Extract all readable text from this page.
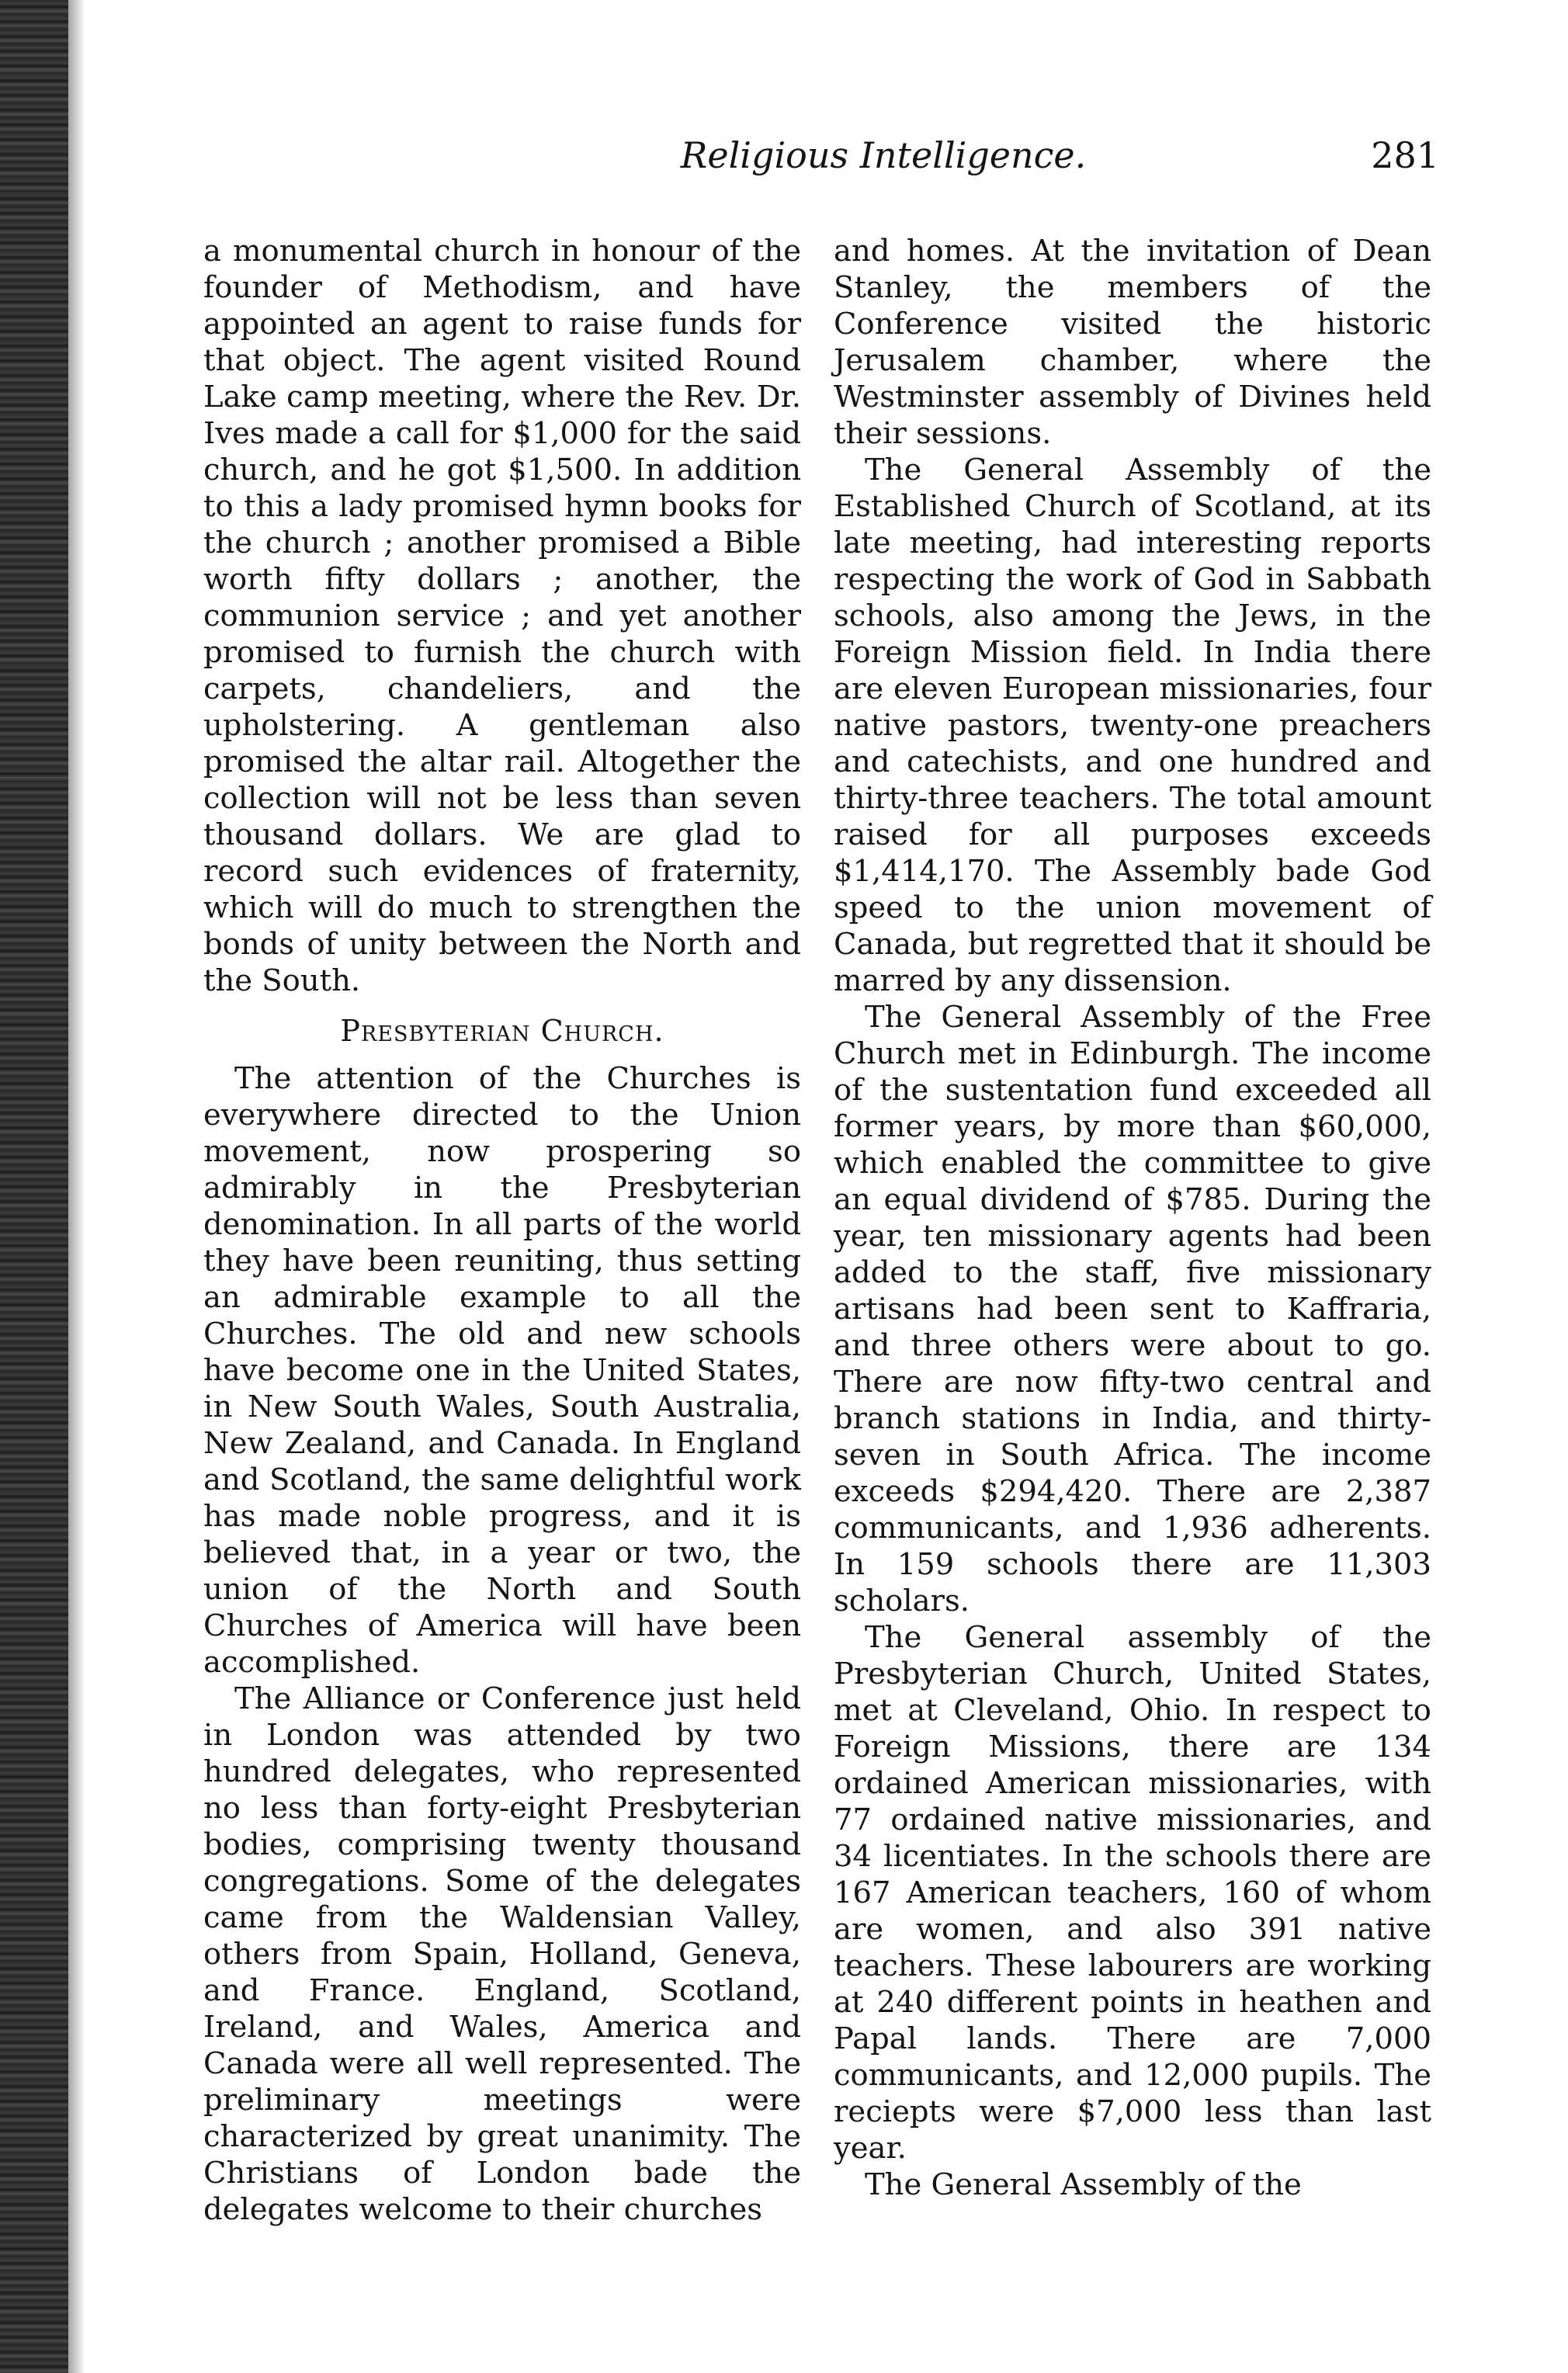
Religious Intelligence.	281

a monumental church in honour of the founder of Methodism, and have appointed an agent to raise funds for that object. The agent visited Round Lake camp meeting, where the Rev. Dr. Ives made a call for $1,000 for the said church, and he got $1,500. In addition to this a lady promised hymn books for the church ; another promised a Bible worth fifty dollars ; another, the communion service ; and yet another promised to furnish the church with carpets, chandeliers, and the upholstering. A gentleman also promised the altar rail. Altogether the collection will not be less than seven thousand dollars. We are glad to record such evidences of fraternity, which will do much to strengthen the bonds of unity between the North and the South.

Presbyterian Church.

The attention of the Churches is everywhere directed to the Union movement, now prospering so admirably in the Presbyterian denomination. In all parts of the world they have been reuniting, thus setting an admirable example to all the Churches. The old and new schools have become one in the United States, in New South Wales, South Australia, New Zealand, and Canada. In England and Scotland, the same delightful work has made noble progress, and it is believed that, in a year or two, the union of the North and South Churches of America will have been accomplished.

The Alliance or Conference just held in London was attended by two hundred delegates, who represented no less than forty-eight Presbyterian bodies, comprising twenty thousand congregations. Some of the delegates came from the Waldensian Valley, others from Spain, Holland, Geneva, and France. England, Scotland, Ireland, and Wales, America and Canada were all well represented. The preliminary meetings were characterized by great unanimity. The Christians of London bade the delegates welcome to their churches

and homes. At the invitation of Dean Stanley, the members of the Conference visited the historic Jerusalem chamber, where the Westminster assembly of Divines held their sessions.

The General Assembly of the Established Church of Scotland, at its late meeting, had interesting reports respecting the work of God in Sabbath schools, also among the Jews, in the Foreign Mission field. In India there are eleven European missionaries, four native pastors, twenty-one preachers and catechists, and one hundred and thirty-three teachers. The total amount raised for all purposes exceeds $1,414,170. The Assembly bade God speed to the union movement of Canada, but regretted that it should be marred by any dissension.

The General Assembly of the Free Church met in Edinburgh. The income of the sustentation fund exceeded all former years, by more than $60,000, which enabled the committee to give an equal dividend of $785. During the year, ten missionary agents had been added to the staff, five missionary artisans had been sent to Kaffraria, and three others were about to go. There are now fifty-two central and branch stations in India, and thirty-seven in South Africa. The income exceeds $294,420. There are 2,387 communicants, and 1,936 adherents. In 159 schools there are 11,303 scholars.

The General assembly of the Presbyterian Church, United States, met at Cleveland, Ohio. In respect to Foreign Missions, there are 134 ordained American missionaries, with 77 ordained native missionaries, and 34 licentiates. In the schools there are 167 American teachers, 160 of whom are women, and also 391 native teachers. These labourers are working at 240 different points in heathen and Papal lands. There are 7,000 communicants, and 12,000 pupils. The reciepts were $7,000 less than last year.

The General Assembly of the
